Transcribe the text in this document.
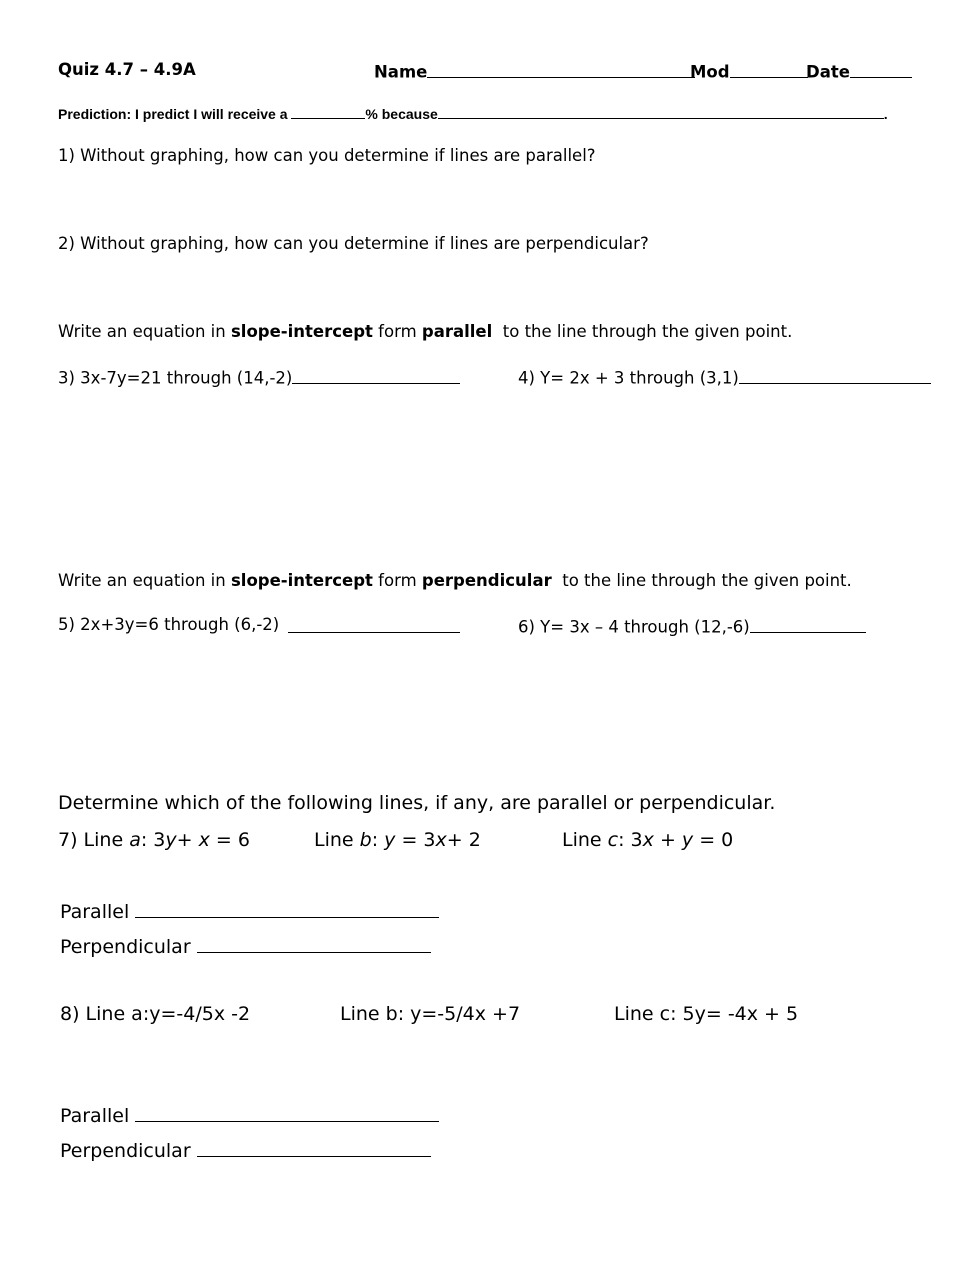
Quiz 4.7 – 4.9A	Name	Mod	Date
Prediction: I predict I will receive a	% because	.
1) Without graphing, how can you determine if lines are parallel?
2) Without graphing, how can you determine if lines are perpendicular?
Write an equation in slope-intercept form parallel to the line through the given point.
3) 3x-7y=21 through (14,-2)	4) Y= 2x + 3 through (3,1)
Write an equation in slope-intercept form perpendicular to the line through the given point.
5) 2x+3y=6 through (6,-2)	6) Y= 3x – 4 through (12,-6)
Determine which of the following lines, if any, are parallel or perpendicular.
7) Line a: 3y+ x = 6	Line b: y = 3x+ 2	Line c: 3x + y = 0
Parallel
Perpendicular
8) Line a:y=-4/5x -2	Line b: y=-5/4x +7	Line c: 5y= -4x + 5
Parallel
Perpendicular
